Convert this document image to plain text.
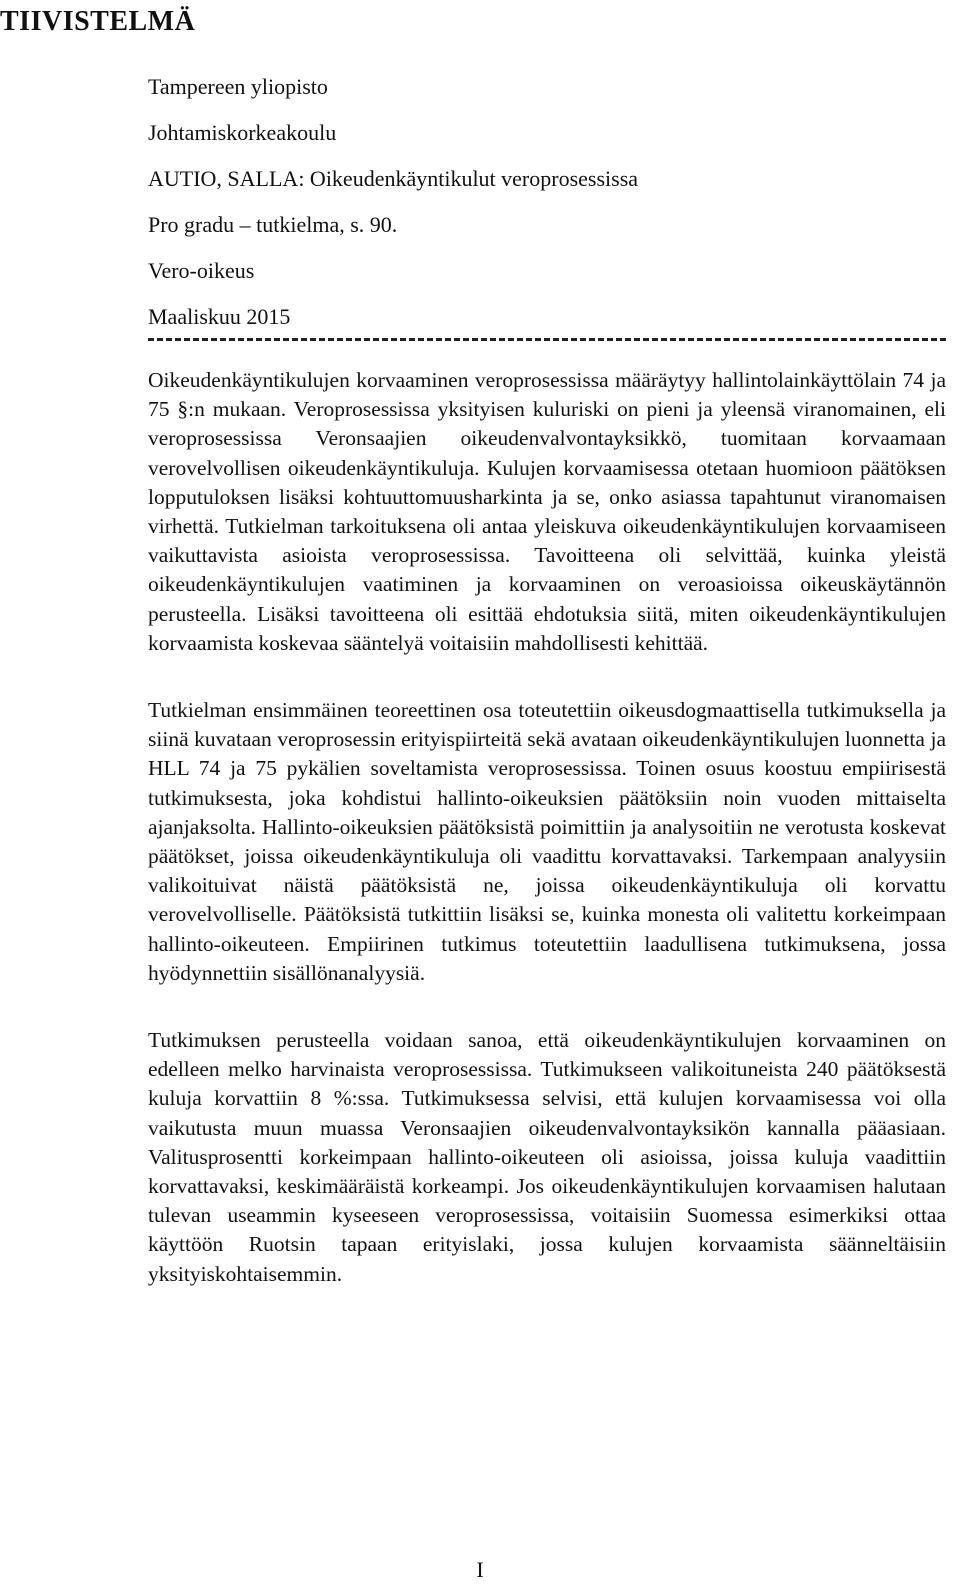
TIIVISTELMÄ

Tampereen yliopisto

Johtamiskorkeakoulu

AUTIO, SALLA: Oikeudenkäyntikulut veroprosessissa

Pro gradu – tutkielma, s. 90.

Vero-oikeus

Maaliskuu 2015

Oikeudenkäyntikulujen korvaaminen veroprosessissa määräytyy hallintolainkäyttölain 74 ja 75 §:n mukaan. Veroprosessissa yksityisen kuluriski on pieni ja yleensä viranomainen, eli veroprosessissa Veronsaajien oikeudenvalvontayksikkö, tuomitaan korvaamaan verovelvollisen oikeudenkäyntikuluja. Kulujen korvaamisessa otetaan huomioon päätöksen lopputuloksen lisäksi kohtuuttomuusharkinta ja se, onko asiassa tapahtunut viranomaisen virhettä. Tutkielman tarkoituksena oli antaa yleiskuva oikeudenkäyntikulujen korvaamiseen vaikuttavista asioista veroprosessissa. Tavoitteena oli selvittää, kuinka yleistä oikeudenkäyntikulujen vaatiminen ja korvaaminen on veroasioissa oikeuskäytännön perusteella. Lisäksi tavoitteena oli esittää ehdotuksia siitä, miten oikeudenkäyntikulujen korvaamista koskevaa sääntelyä voitaisiin mahdollisesti kehittää.

Tutkielman ensimmäinen teoreettinen osa toteutettiin oikeusdogmaattisella tutkimuksella ja siinä kuvataan veroprosessin erityispiirteitä sekä avataan oikeudenkäyntikulujen luonnetta ja HLL 74 ja 75 pykälien soveltamista veroprosessissa. Toinen osuus koostuu empiirisestä tutkimuksesta, joka kohdistui hallinto-oikeuksien päätöksiin noin vuoden mittaiselta ajanjaksolta. Hallinto-oikeuksien päätöksistä poimittiin ja analysoitiin ne verotusta koskevat päätökset, joissa oikeudenkäyntikuluja oli vaadittu korvattavaksi. Tarkempaan analyysiin valikoituivat näistä päätöksistä ne, joissa oikeudenkäyntikuluja oli korvattu verovelvolliselle. Päätöksistä tutkittiin lisäksi se, kuinka monesta oli valitettu korkeimpaan hallinto-oikeuteen. Empiirinen tutkimus toteutettiin laadullisena tutkimuksena, jossa hyödynnettiin sisällönanalyysiä.

Tutkimuksen perusteella voidaan sanoa, että oikeudenkäyntikulujen korvaaminen on edelleen melko harvinaista veroprosessissa. Tutkimukseen valikoituneista 240 päätöksestä kuluja korvattiin 8 %:ssa. Tutkimuksessa selvisi, että kulujen korvaamisessa voi olla vaikutusta muun muassa Veronsaajien oikeudenvalvontayksikön kannalla pääasiaan. Valitusprosentti korkeimpaan hallinto-oikeuteen oli asioissa, joissa kuluja vaadittiin korvattavaksi, keskimääräistä korkeampi. Jos oikeudenkäyntikulujen korvaamisen halutaan tulevan useammin kyseeseen veroprosessissa, voitaisiin Suomessa esimerkiksi ottaa käyttöön Ruotsin tapaan erityislaki, jossa kulujen korvaamista säänneltäisiin yksityiskohtaisemmin.

I
